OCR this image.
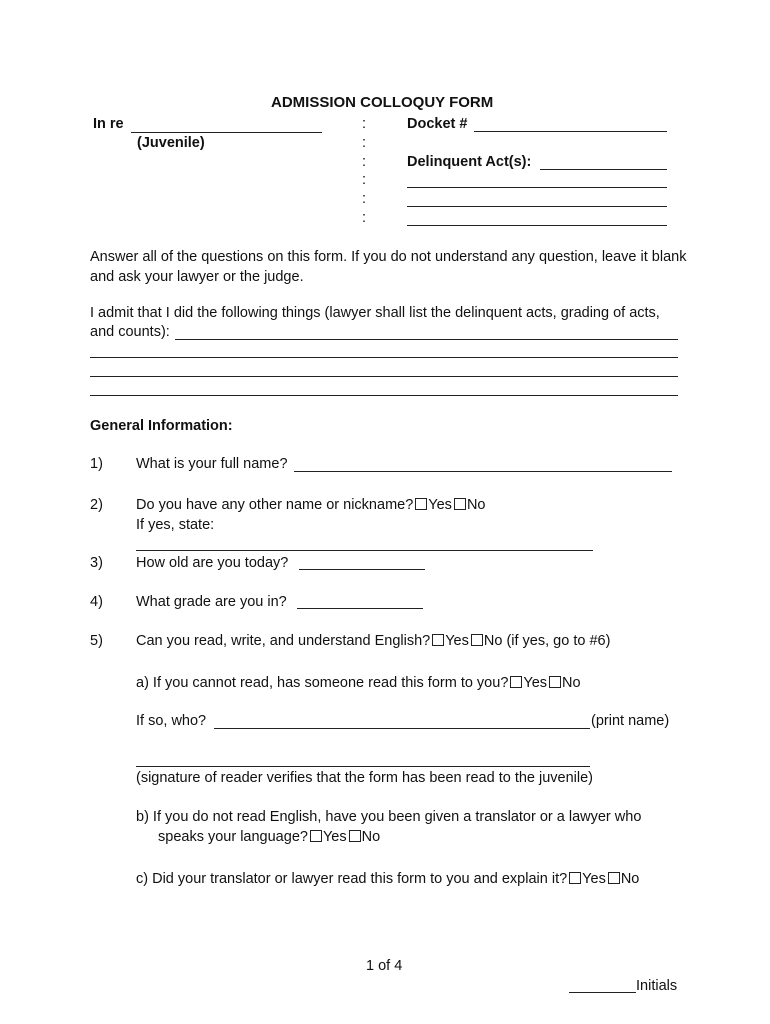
ADMISSION COLLOQUY FORM
In re
(Juvenile)
:
:
:
:
:
:
Docket #
Delinquent Act(s):
Answer all of the questions on this form. If you do not understand any question, leave it blank and ask your lawyer or the judge.
I admit that I did the following things (lawyer shall list the delinquent acts, grading of acts,
and counts):
General Information:
1) What is your full name?
2) Do you have any other name or nickname? Yes No
If yes, state:
3) How old are you today?
4) What grade are you in?
5) Can you read, write, and understand English? Yes No (if yes, go to #6)
a) If you cannot read, has someone read this form to you? Yes No
If so, who?	(print name)
(signature of reader verifies that the form has been read to the juvenile)
b) If you do not read English, have you been given a translator or a lawyer who
speaks your language? Yes No
c) Did your translator or lawyer read this form to you and explain it? Yes No
1 of 4
Initials
